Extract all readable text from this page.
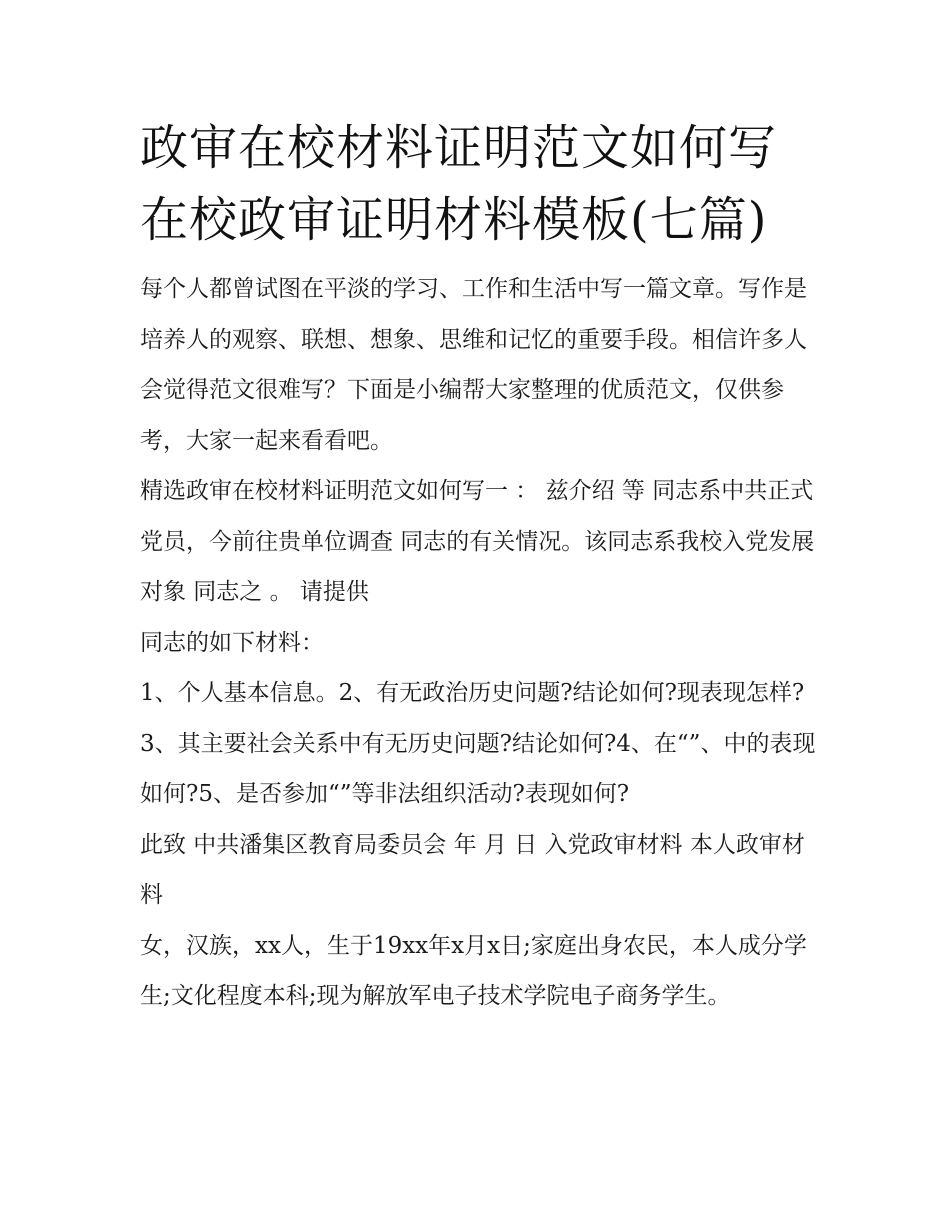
政审在校材料证明范文如何写
在校政审证明材料模板(七篇)

每个人都曾试图在平淡的学习、工作和生活中写一篇文章。写作是培养人的观察、联想、想象、思维和记忆的重要手段。相信许多人会觉得范文很难写？下面是小编帮大家整理的优质范文，仅供参考，大家一起来看看吧。

精选政审在校材料证明范文如何写一 ： 兹介绍 等 同志系中共正式党员，今前往贵单位调查 同志的有关情况。该同志系我校入党发展对象 同志之 。 请提供

同志的如下材料：

1、个人基本信息。2、有无政治历史问题?结论如何?现表现怎样?3、其主要社会关系中有无历史问题?结论如何?4、在“”、中的表现如何?5、是否参加“”等非法组织活动?表现如何?

此致 中共潘集区教育局委员会 年 月 日 入党政审材料 本人政审材料

女，汉族，xx人，生于19xx年x月x日;家庭出身农民，本人成分学生;文化程度本科;现为解放军电子技术学院电子商务学生。
